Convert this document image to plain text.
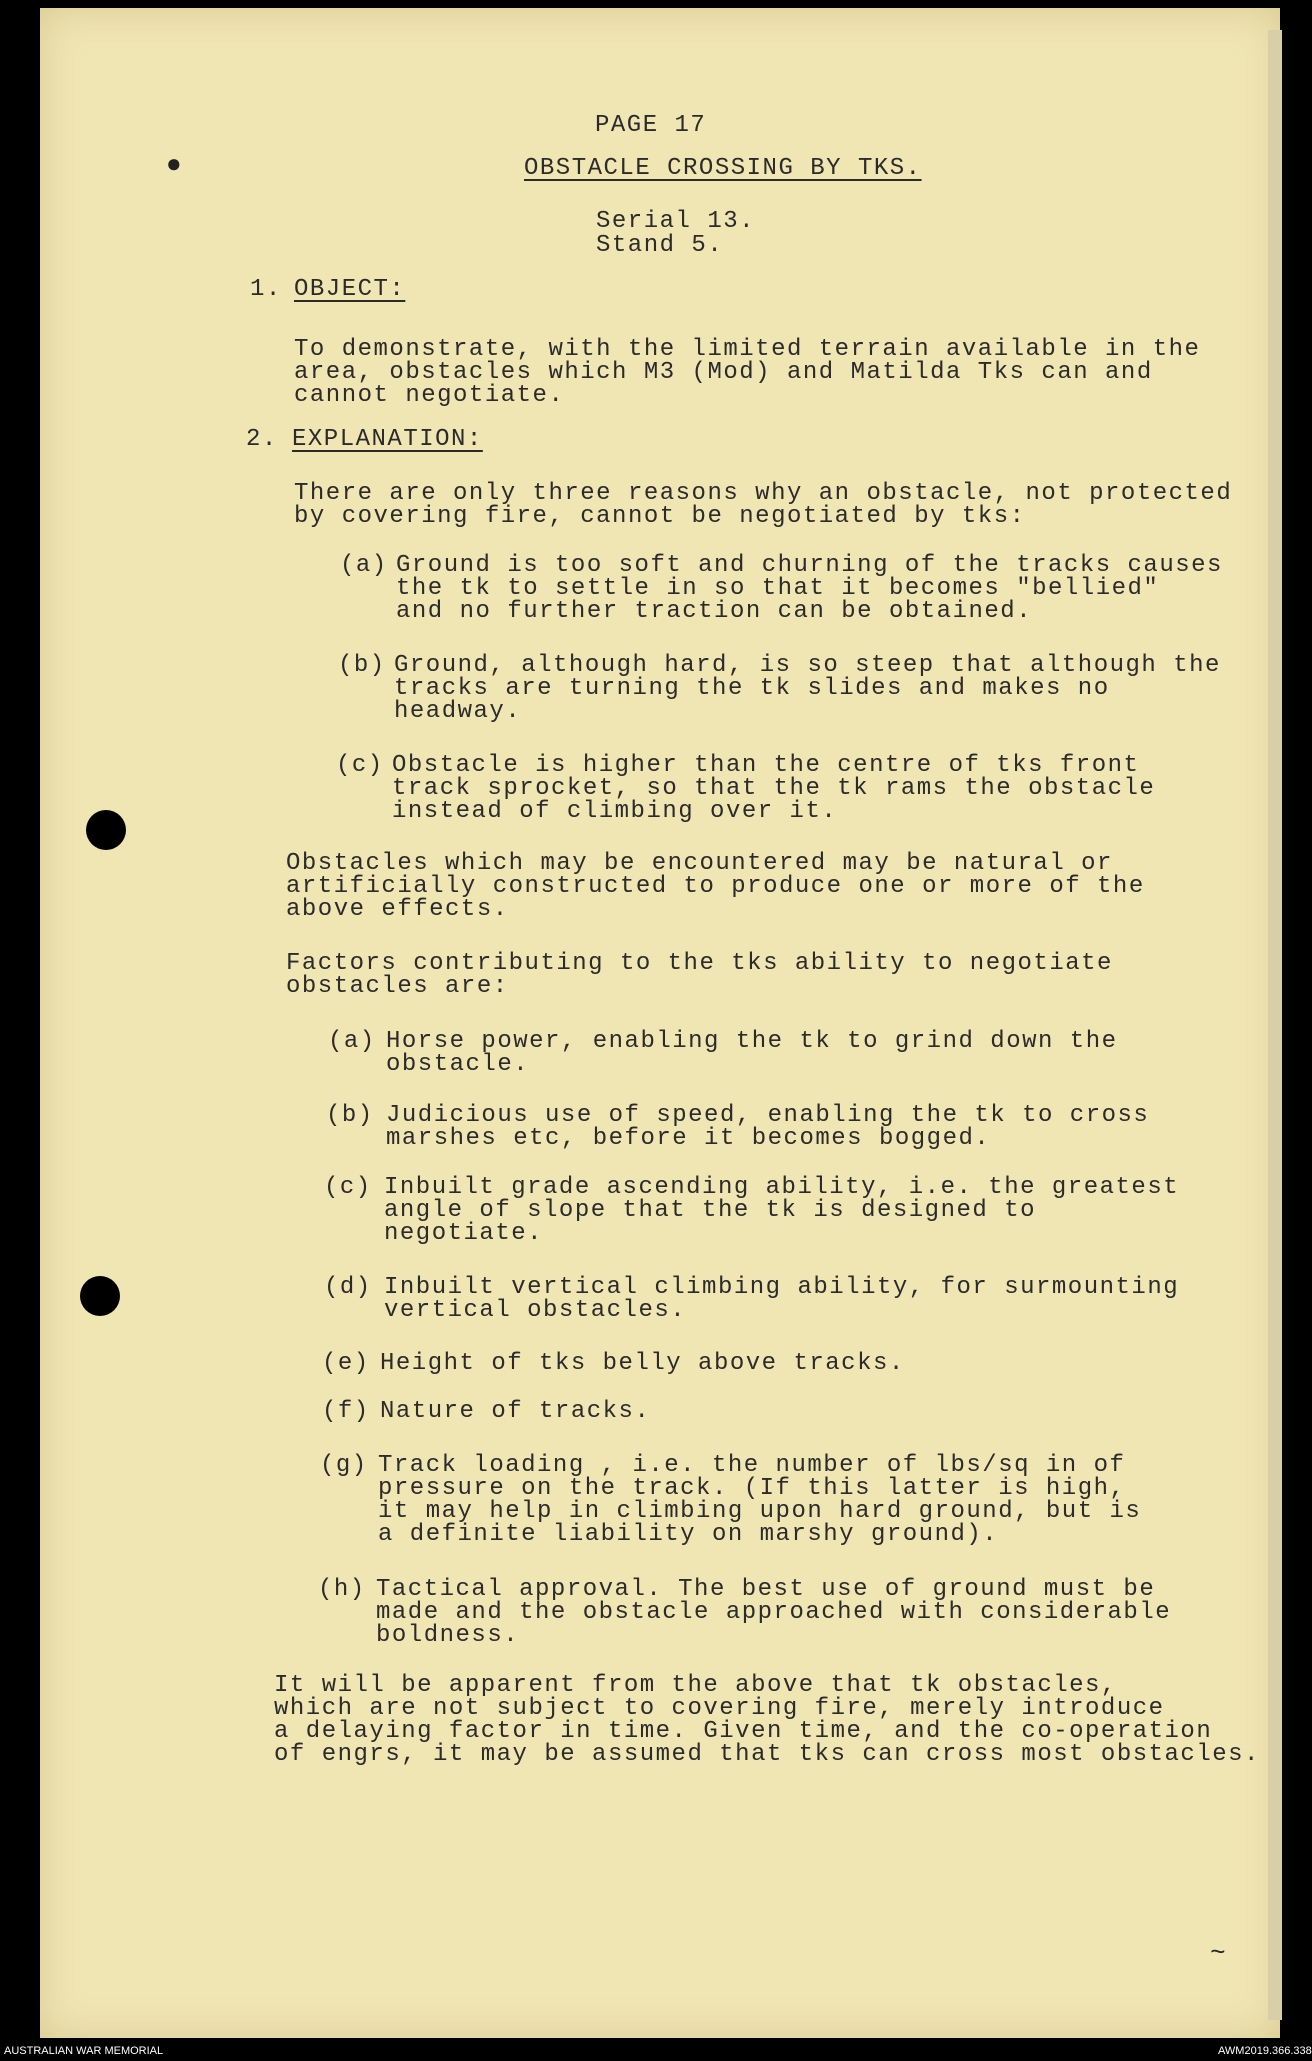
●
~
PAGE 17
OBSTACLE CROSSING BY TKS.
Serial 13.
Stand 5.
1. OBJECT:
To demonstrate, with the limited terrain available in the
area, obstacles which M3 (Mod) and Matilda Tks can and
cannot negotiate.
2. EXPLANATION:
There are only three reasons why an obstacle, not protected
by covering fire, cannot be negotiated by tks:
(a) Ground is too soft and churning of the tracks causes
the tk to settle in so that it becomes "bellied"
and no further traction can be obtained.
(b) Ground, although hard, is so steep that although the
tracks are turning the tk slides and makes no
headway.
(c) Obstacle is higher than the centre of tks front
track sprocket, so that the tk rams the obstacle
instead of climbing over it.
Obstacles which may be encountered may be natural or
artificially constructed to produce one or more of the
above effects.
Factors contributing to the tks ability to negotiate
obstacles are:
(a) Horse power, enabling the tk to grind down the
obstacle.
(b) Judicious use of speed, enabling the tk to cross
marshes etc, before it becomes bogged.
(c) Inbuilt grade ascending ability, i.e. the greatest
angle of slope that the tk is designed to
negotiate.
(d) Inbuilt vertical climbing ability, for surmounting
vertical obstacles.
(e) Height of tks belly above tracks.
(f) Nature of tracks.
(g) Track loading , i.e. the number of lbs/sq in of
pressure on the track. (If this latter is high,
it may help in climbing upon hard ground, but is
a definite liability on marshy ground).
(h) Tactical approval. The best use of ground must be
made and the obstacle approached with considerable
boldness.
It will be apparent from the above that tk obstacles,
which are not subject to covering fire, merely introduce
a delaying factor in time. Given time, and the co-operation
of engrs, it may be assumed that tks can cross most obstacles.
AUSTRALIAN WAR MEMORIAL	AWM2019.366.338
